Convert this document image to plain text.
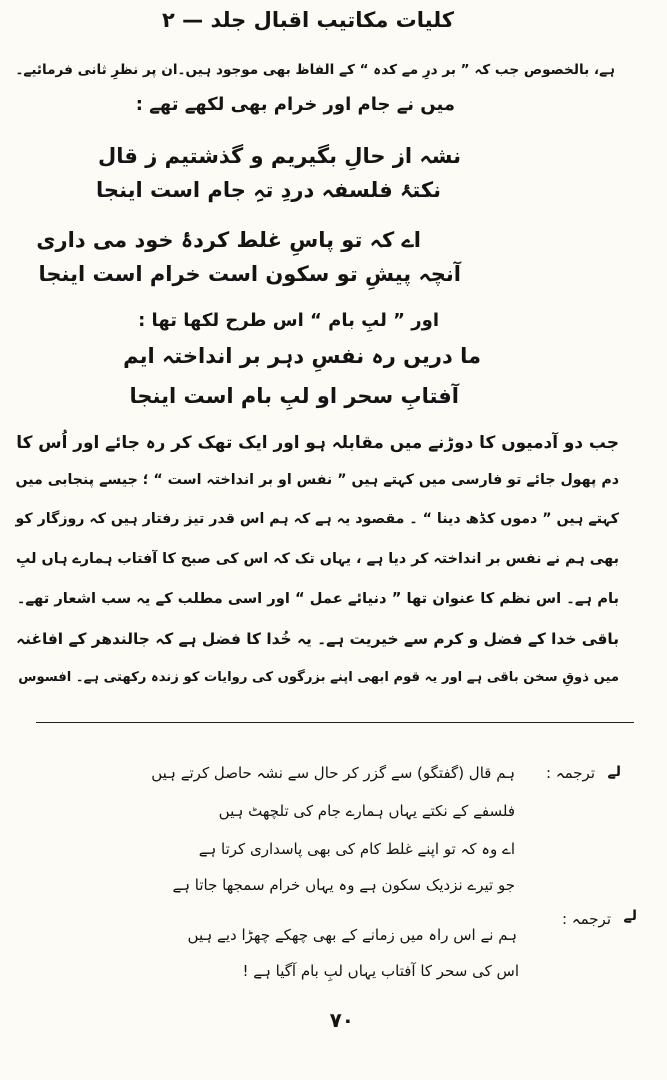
کلیات مکاتیب اقبال جلد — ۲
ہے، بالخصوص جب کہ ” بر درِ مے کدہ “ کے الفاظ بھی موجود ہیں۔ان پر نظرِ ثانی فرمائیے۔
میں نے جام اور خرام بھی لکھے تھے :
نشہ از حالِ بگیریم و گذشتیم ز قال
نکتۂ فلسفہ دردِ تہِ جام است اینجا
اے کہ تو پاسِ غلط کردۂ خود می داری
آنچہ پیشِ تو سکون است خرام است اینجا
اور ” لبِ بام “ اس طرح لکھا تھا :
ما دریں رہ نفسِ دہر بر انداختہ ایم
آفتابِ سحر او لبِ بام است اینجا
جب دو آدمیوں کا دوڑنے میں مقابلہ ہو اور ایک تھک کر رہ جائے اور اُس کا
دم پھول جائے تو فارسی میں کہتے ہیں ” نفس او بر انداختہ است “ ؛ جیسے پنجابی میں
کہتے ہیں ” دموں کڈھ دینا “ ۔ مقصود یہ ہے کہ ہم اس قدر تیز رفتار ہیں کہ روزگار کو
بھی ہم نے نفس بر انداختہ کر دیا ہے ، یہاں تک کہ اس کی صبح کا آفتاب ہمارے ہاں لبِ
بام ہے۔ اس نظم کا عنوان تھا ” دنیائے عمل “ اور اسی مطلب کے یہ سب اشعار تھے۔
باقی خدا کے فضل و کرم سے خیریت ہے۔ یہ خُدا کا فضل ہے کہ جالندھر کے افاغنہ
میں ذوقِ سخن باقی ہے اور یہ قوم ابھی اپنے بزرگوں کی روایات کو زندہ رکھتی ہے۔ افسوس
لے
ترجمہ :
ہم قال (گفتگو) سے گزر کر حال سے نشہ حاصل کرتے ہیں
فلسفے کے نکتے یہاں ہمارے جام کی تلچھٹ ہیں
اے وہ کہ تو اپنے غلط کام کی بھی پاسداری کرتا ہے
جو تیرے نزدیک سکون ہے وہ یہاں خرام سمجھا جاتا ہے
لے
ترجمہ :
ہم نے اس راہ میں زمانے کے بھی چھکے چھڑا دیے ہیں
اس کی سحر کا آفتاب یہاں لبِ بام آگیا ہے !
۷۰
